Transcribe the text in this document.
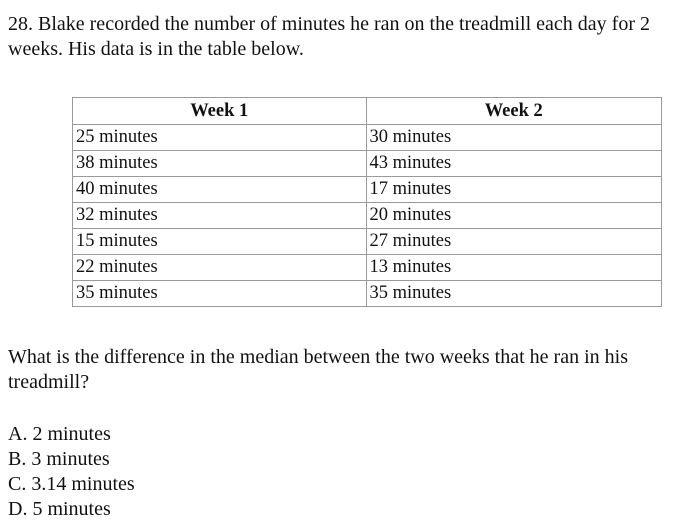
28. Blake recorded the number of minutes he ran on the treadmill each day for 2 weeks. His data is in the table below.

Week 1	Week 2
25 minutes	30 minutes
38 minutes	43 minutes
40 minutes	17 minutes
32 minutes	20 minutes
15 minutes	27 minutes
22 minutes	13 minutes
35 minutes	35 minutes

What is the difference in the median between the two weeks that he ran in his treadmill?

A. 2 minutes
B. 3 minutes
C. 3.14 minutes
D. 5 minutes
